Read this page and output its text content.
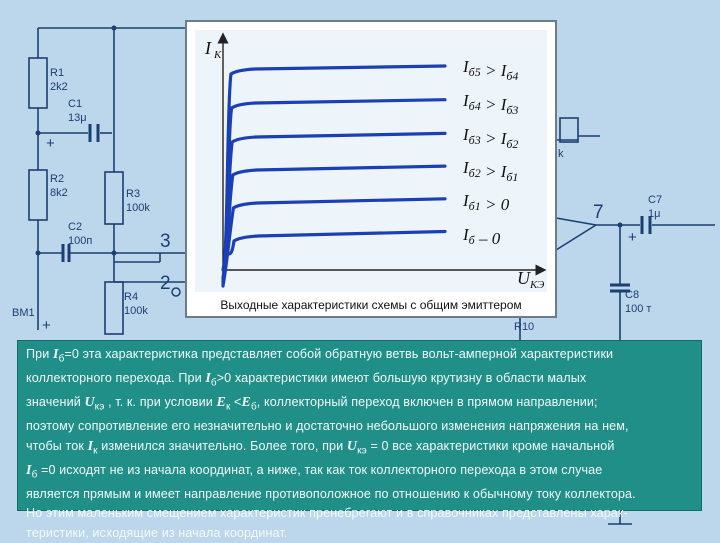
R1
2k2
C1
13μ
R2
8k2	R3
100k
C2
100п
R4
100k
BM1
C7
1μ
C8
100 т
R10
k
+
+
+
3
2
7
I К
U КЭ
$I_{б5} > I_{б4}$
$I_{б4} > I_{б3}$
$I_{б3} > I_{б2}$
$I_{б2} > I_{б1}$
$I_{б1} > 0$
$I_б - 0$
Выходные характеристики схемы с общим эмиттером

При $I_б=0$ эта характеристика представляет собой обратную ветвь вольт-амперной характеристики
коллекторного перехода. При $I_б>0$ характеристики имеют большую крутизну в области малых
значений $U_{кэ}$ , т. к. при условии $E_к <E_б$, коллекторный переход включен в прямом направлении;
поэтому сопротивление его незначительно и достаточно небольшого изменения напряжения на нем,
чтобы ток $I_к$ изменился значительно. Более того, при $U_{кэ} = 0$ все характеристики кроме начальной
$I_б =0$ исходят не из начала координат, а ниже, так как ток коллекторного перехода в этом случае
является прямым и имеет направление противоположное по отношению к обычному току коллектора.
Но этим маленьким смещением характеристик пренебрегают и в справочниках представлены харак-
теристики, исходящие из начала координат.
